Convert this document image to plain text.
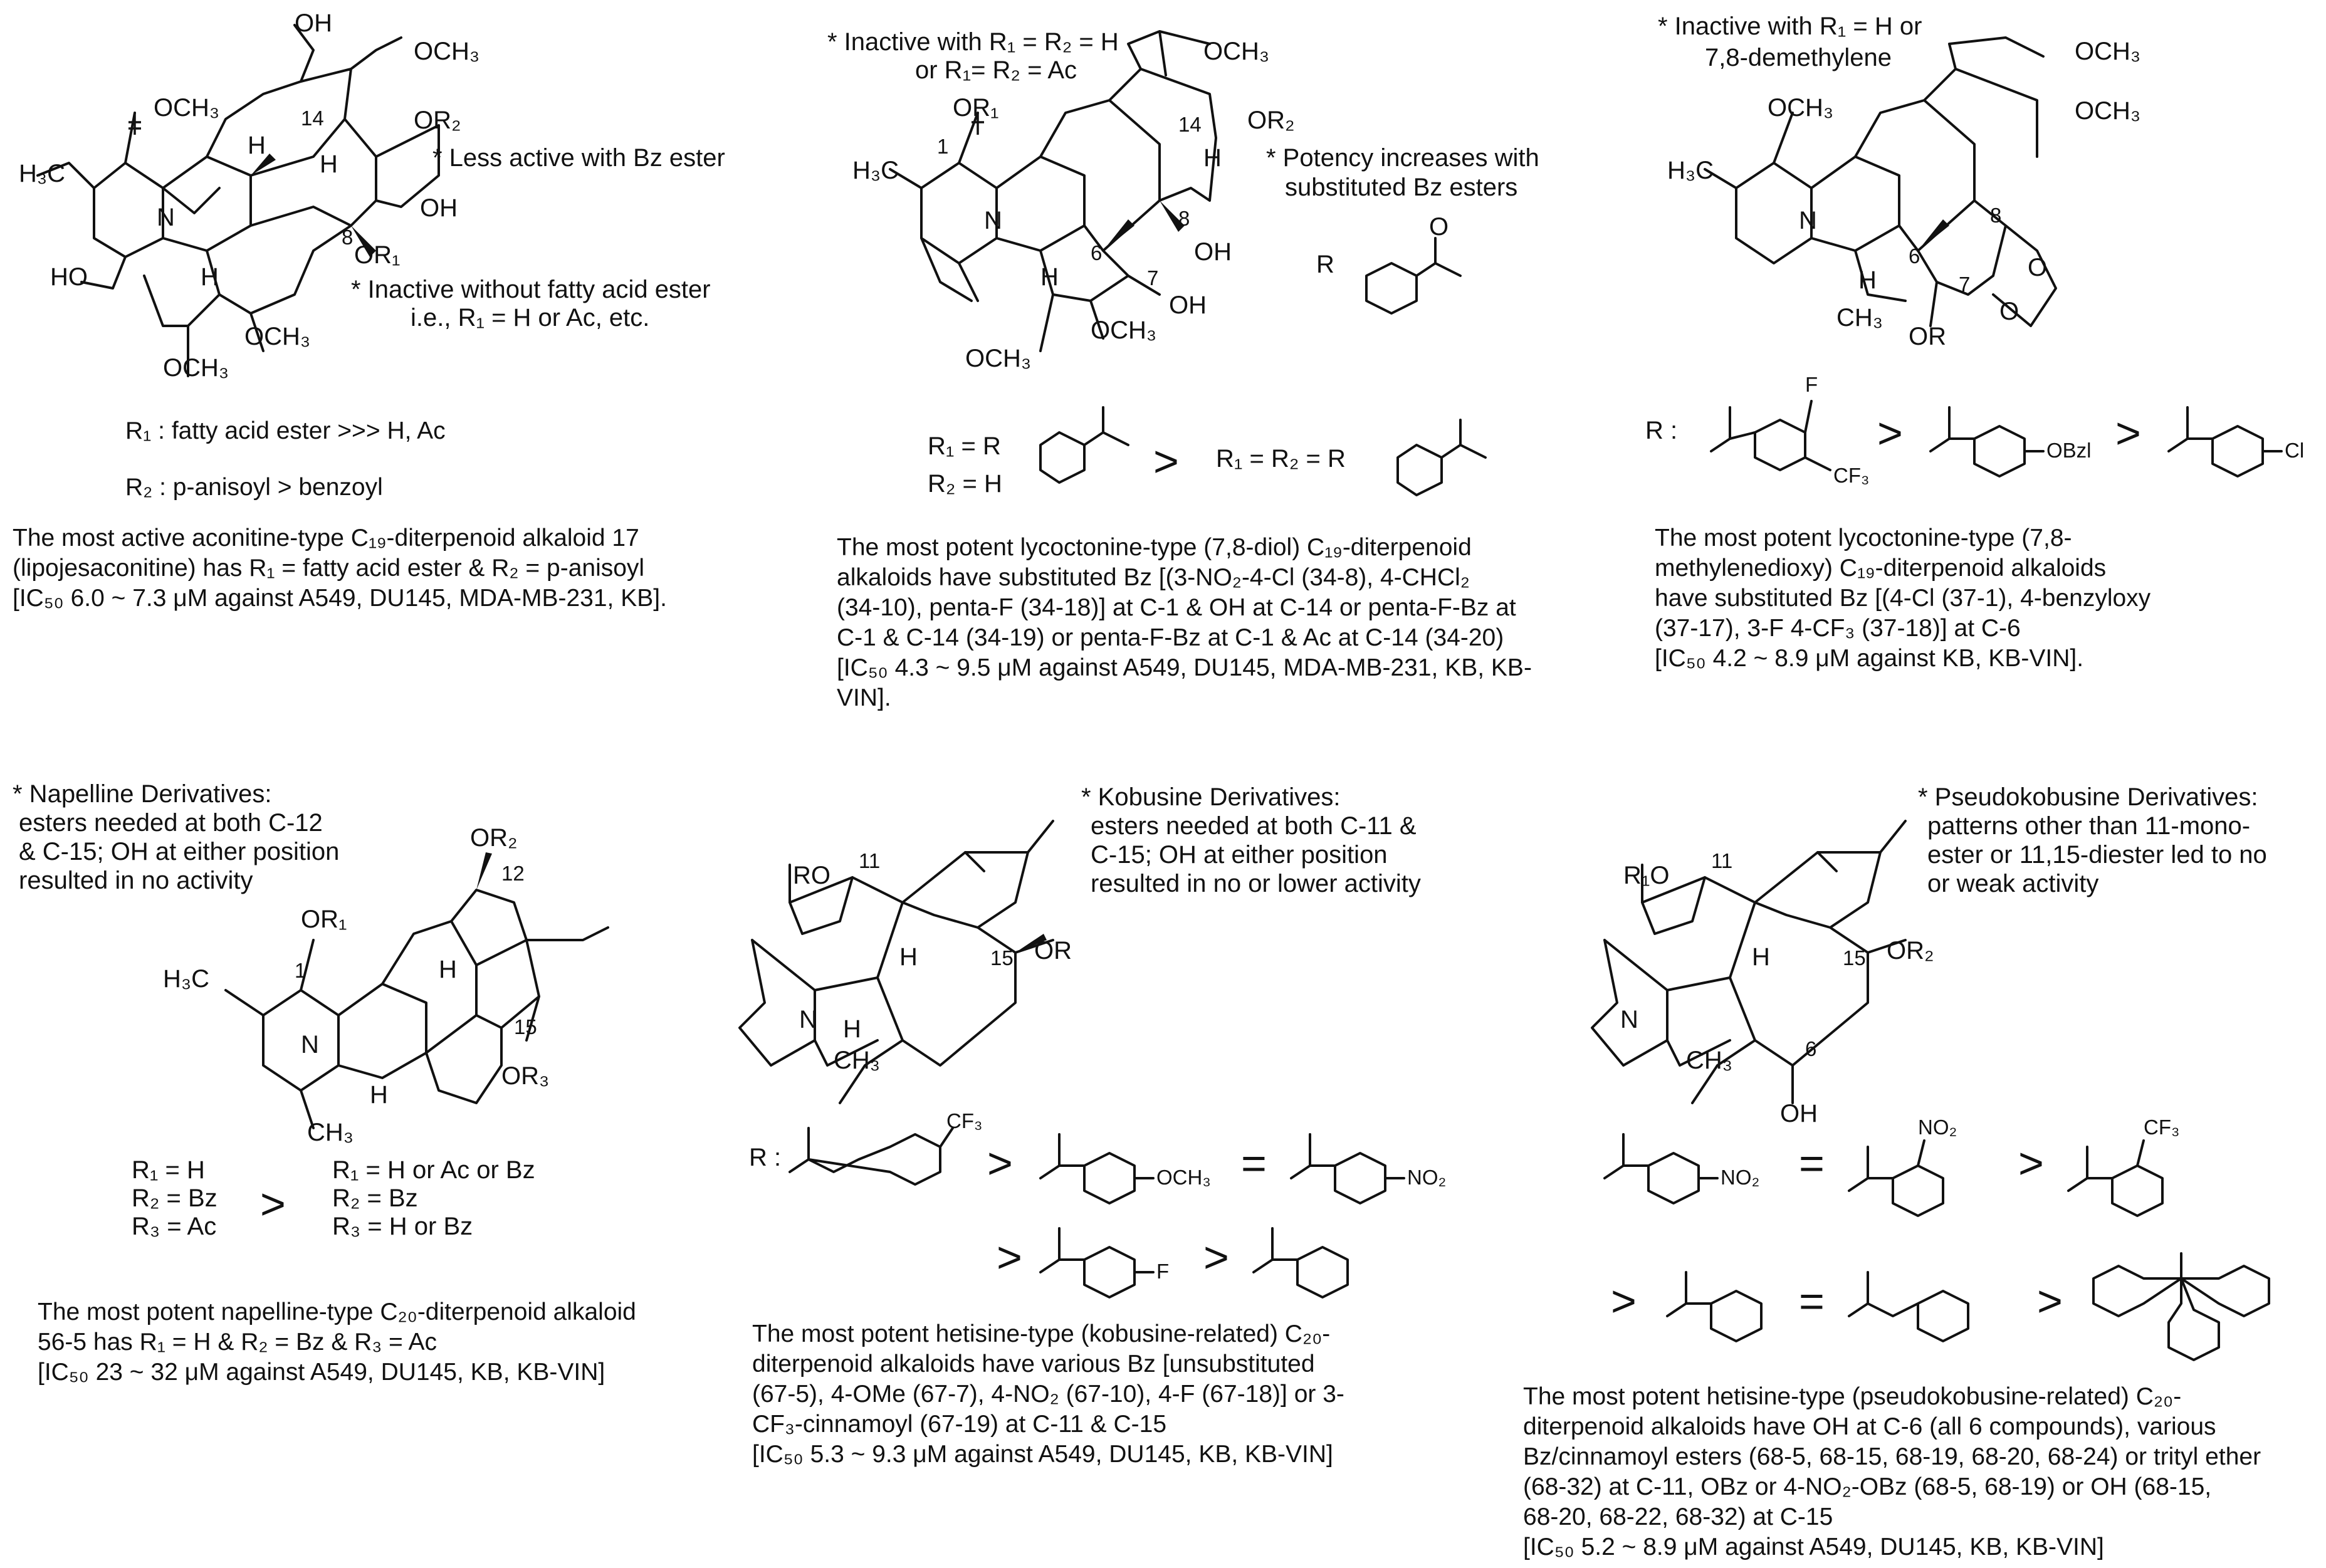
OH
OCH₃
OCH₃	OR₂
H₃C
N
HO	H
OH
OR₁
OCH₃
OCH₃
14
8
H
H	* Less active with Bz ester
* Inactive without fatty acid ester
i.e., R₁ = H or Ac, etc.
OCH₃
OR₁	OR₂
H₃C
N
1
14
H
8
OH
6
7
OH
H
OCH₃
OCH₃
* Inactive with R₁ = R₂ = H
or R₁= R₂ = Ac
* Potency increases with
substituted Bz esters
R
O
R₁ = R
R₂ = H	> R₁ = R₂ = R
OCH₃
OCH₃	OCH₃
H₃C
N	8
6
7
O
O
OR
CH₃
H
* Inactive with R₁ = H or
7,8-demethylene
R :
F
CF₃
>	OBzl >	Cl
OR₂
12
OR₁
1
H₃C
N
H
15
OR₃
H
CH₃
* Napelline Derivatives:
esters needed at both C-12
& C-15; OH at either position
resulted in no activity
R₁ = H
R₂ = Bz
R₃ = Ac >
R₁ = H or Ac or Bz
R₂ = Bz
R₃ = H or Bz
RO
11
N
H	15 OR
H
CH₃
* Kobusine Derivatives:
esters needed at both C-11 &
C-15; OH at either position
resulted in no or lower activity
R :
CF₃
>	OCH₃ =	NO₂
>	F >
R₁O
11
N
H	15 OR₂
6
OH
CH₃
* Pseudokobusine Derivatives:
patterns other than 11-mono-
ester or 11,15-diester led to no
or weak activity
NO₂ =
NO₂
>
CF₃
>	=	>
R₁ : fatty acid ester >>> H, Ac
R₂ : p-anisoyl > benzoyl
The most active aconitine-type C₁₉-diterpenoid alkaloid 17
(lipojesaconitine) has R₁ = fatty acid ester & R₂ = p-anisoyl
[IC₅₀ 6.0 ~ 7.3 μM against A549, DU145, MDA-MB-231, KB].
The most potent lycoctonine-type (7,8-diol) C₁₉-diterpenoid
alkaloids have substituted Bz [(3-NO₂-4-Cl (34-8), 4-CHCl₂
(34-10), penta-F (34-18)] at C-1 & OH at C-14 or penta-F-Bz at
C-1 & C-14 (34-19) or penta-F-Bz at C-1 & Ac at C-14 (34-20)
[IC₅₀ 4.3 ~ 9.5 μM against A549, DU145, MDA-MB-231, KB, KB-
VIN].
The most potent lycoctonine-type (7,8-
methylenedioxy) C₁₉-diterpenoid alkaloids
have substituted Bz [(4-Cl (37-1), 4-benzyloxy
(37-17), 3-F 4-CF₃ (37-18)] at C-6
[IC₅₀ 4.2 ~ 8.9 μM against KB, KB-VIN].
The most potent napelline-type C₂₀-diterpenoid alkaloid
56-5 has R₁ = H & R₂ = Bz & R₃ = Ac
[IC₅₀ 23 ~ 32 μM against A549, DU145, KB, KB-VIN]
The most potent hetisine-type (kobusine-related) C₂₀-
diterpenoid alkaloids have various Bz [unsubstituted
(67-5), 4-OMe (67-7), 4-NO₂ (67-10), 4-F (67-18)] or 3-
CF₃-cinnamoyl (67-19) at C-11 & C-15
[IC₅₀ 5.3 ~ 9.3 μM against A549, DU145, KB, KB-VIN]
The most potent hetisine-type (pseudokobusine-related) C₂₀-
diterpenoid alkaloids have OH at C-6 (all 6 compounds), various
Bz/cinnamoyl esters (68-5, 68-15, 68-19, 68-20, 68-24) or trityl ether
(68-32) at C-11, OBz or 4-NO₂-OBz (68-5, 68-19) or OH (68-15,
68-20, 68-22, 68-32) at C-15
[IC₅₀ 5.2 ~ 8.9 μM against A549, DU145, KB, KB-VIN]
